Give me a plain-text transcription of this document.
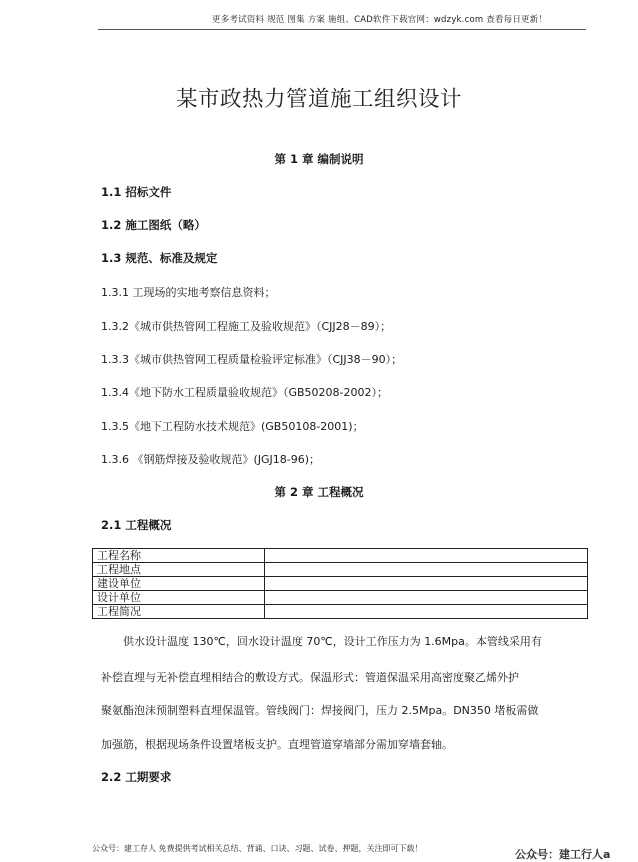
更多考试资料 规范 图集 方案 施组、CAD软件下载官网：wdzyk.com 查看每日更新！
某市政热力管道施工组织设计
第 1 章 编制说明
1.1 招标文件
1.2 施工图纸（略）
1.3 规范、标准及规定
1.3.1 工现场的实地考察信息资料；
1.3.2《城市供热管网工程施工及验收规范》（CJJ28－89）；
1.3.3《城市供热管网工程质量检验评定标准》（CJJ38－90）；
1.3.4《地下防水工程质量验收规范》（GB50208-2002）；
1.3.5《地下工程防水技术规范》(GB50108-2001)；
1.3.6 《钢筋焊接及验收规范》(JGJ18-96)；
第 2 章 工程概况
2.1 工程概况
工程名称	
工程地点	
建设单位	
设计单位	
工程简况	
　　供水设计温度 130℃，回水设计温度 70℃，设计工作压力为 1.6Mpa。本管线采用有
补偿直埋与无补偿直埋相结合的敷设方式。保温形式：管道保温采用高密度聚乙烯外护
聚氨酯泡沫预制塑料直埋保温管。管线阀门：焊接阀门，压力 2.5Mpa。DN350 堵板需做
加强筋，根据现场条件设置堵板支护。直埋管道穿墙部分需加穿墙套轴。
2.2 工期要求
公众号：建工存人 免费提供考试相关总结、背诵、口诀、习题、试卷、押题，关注即可下载！	公众号：建工行人a
